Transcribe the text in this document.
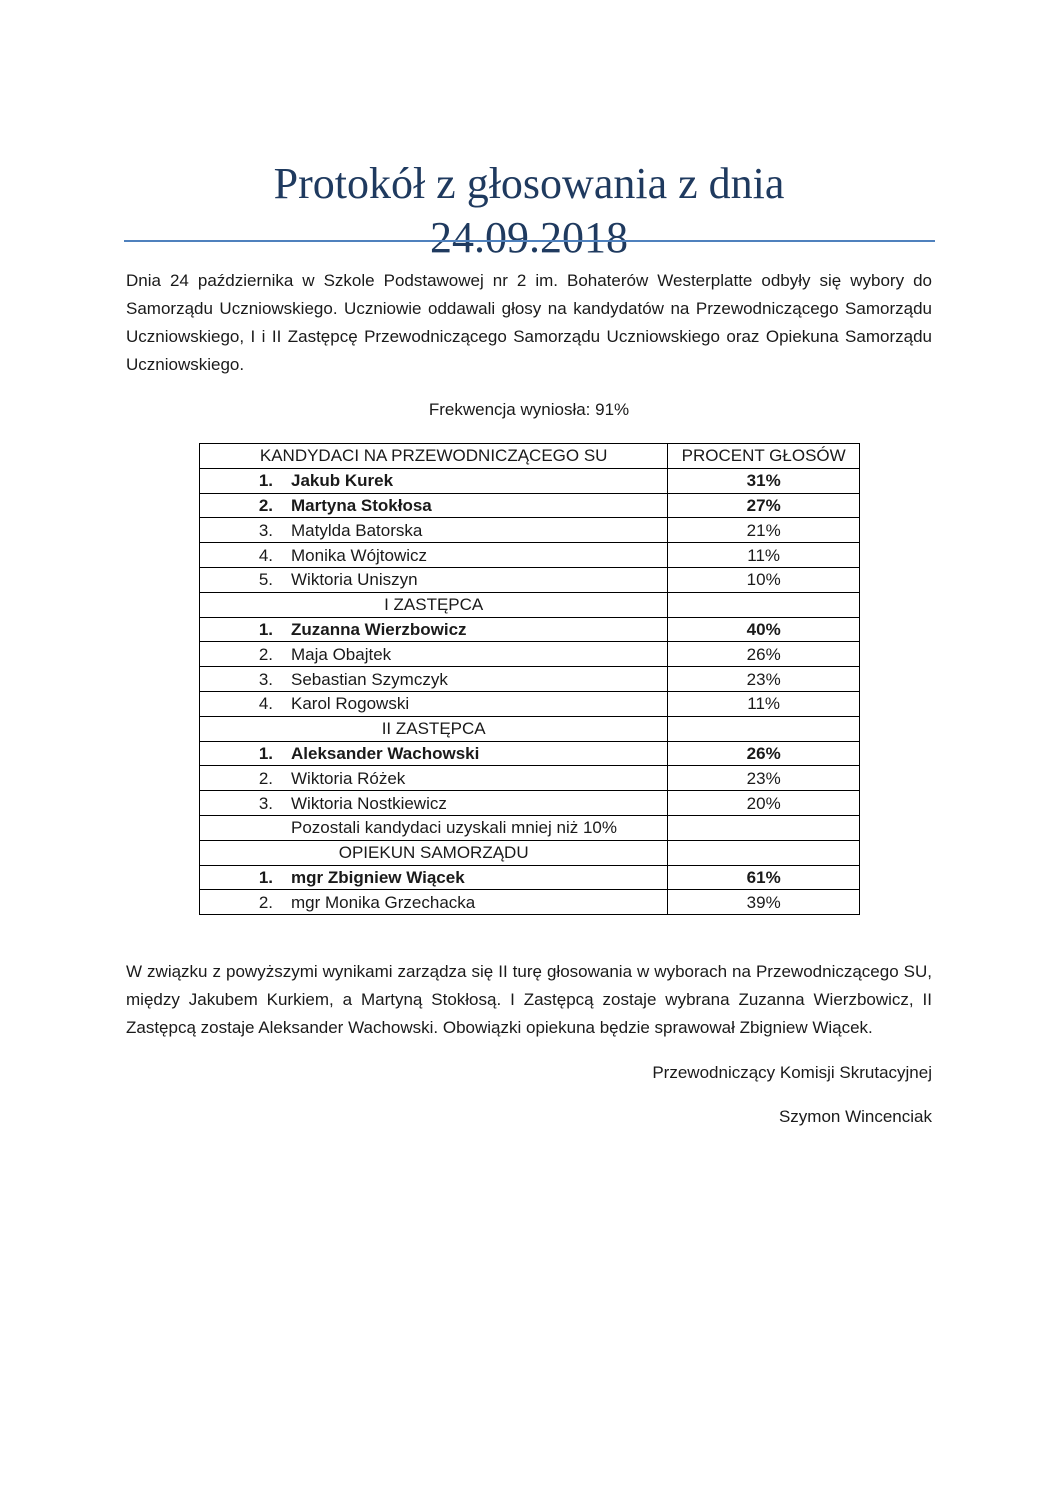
Protokół z głosowania z dnia
24.09.2018

Dnia 24 października w Szkole Podstawowej nr 2 im. Bohaterów Westerplatte odbyły się wybory do Samorządu Uczniowskiego. Uczniowie oddawali głosy na kandydatów na Przewodniczącego Samorządu Uczniowskiego, I i II Zastępcę Przewodniczącego Samorządu Uczniowskiego oraz Opiekuna Samorządu Uczniowskiego.

Frekwencja wyniosła: 91%

KANDYDACI NA PRZEWODNICZĄCEGO SU	PROCENT GŁOSÓW
1. Jakub Kurek	31%
2. Martyna Stokłosa	27%
3. Matylda Batorska	21%
4. Monika Wójtowicz	11%
5. Wiktoria Uniszyn	10%
I ZASTĘPCA	
1. Zuzanna Wierzbowicz	40%
2. Maja Obajtek	26%
3. Sebastian Szymczyk	23%
4. Karol Rogowski	11%
II ZASTĘPCA	
1. Aleksander Wachowski	26%
2. Wiktoria Różek	23%
3. Wiktoria Nostkiewicz	20%
Pozostali kandydaci uzyskali mniej niż 10%	
OPIEKUN SAMORZĄDU	
1. mgr Zbigniew Wiącek	61%
2. mgr Monika Grzechacka	39%

W związku z powyższymi wynikami zarządza się II turę głosowania w wyborach na Przewodniczącego SU, między Jakubem Kurkiem, a Martyną Stokłosą. I Zastępcą zostaje wybrana Zuzanna Wierzbowicz, II Zastępcą zostaje Aleksander Wachowski. Obowiązki opiekuna będzie sprawował Zbigniew Wiącek.

Przewodniczący Komisji Skrutacyjnej
Szymon Wincenciak
